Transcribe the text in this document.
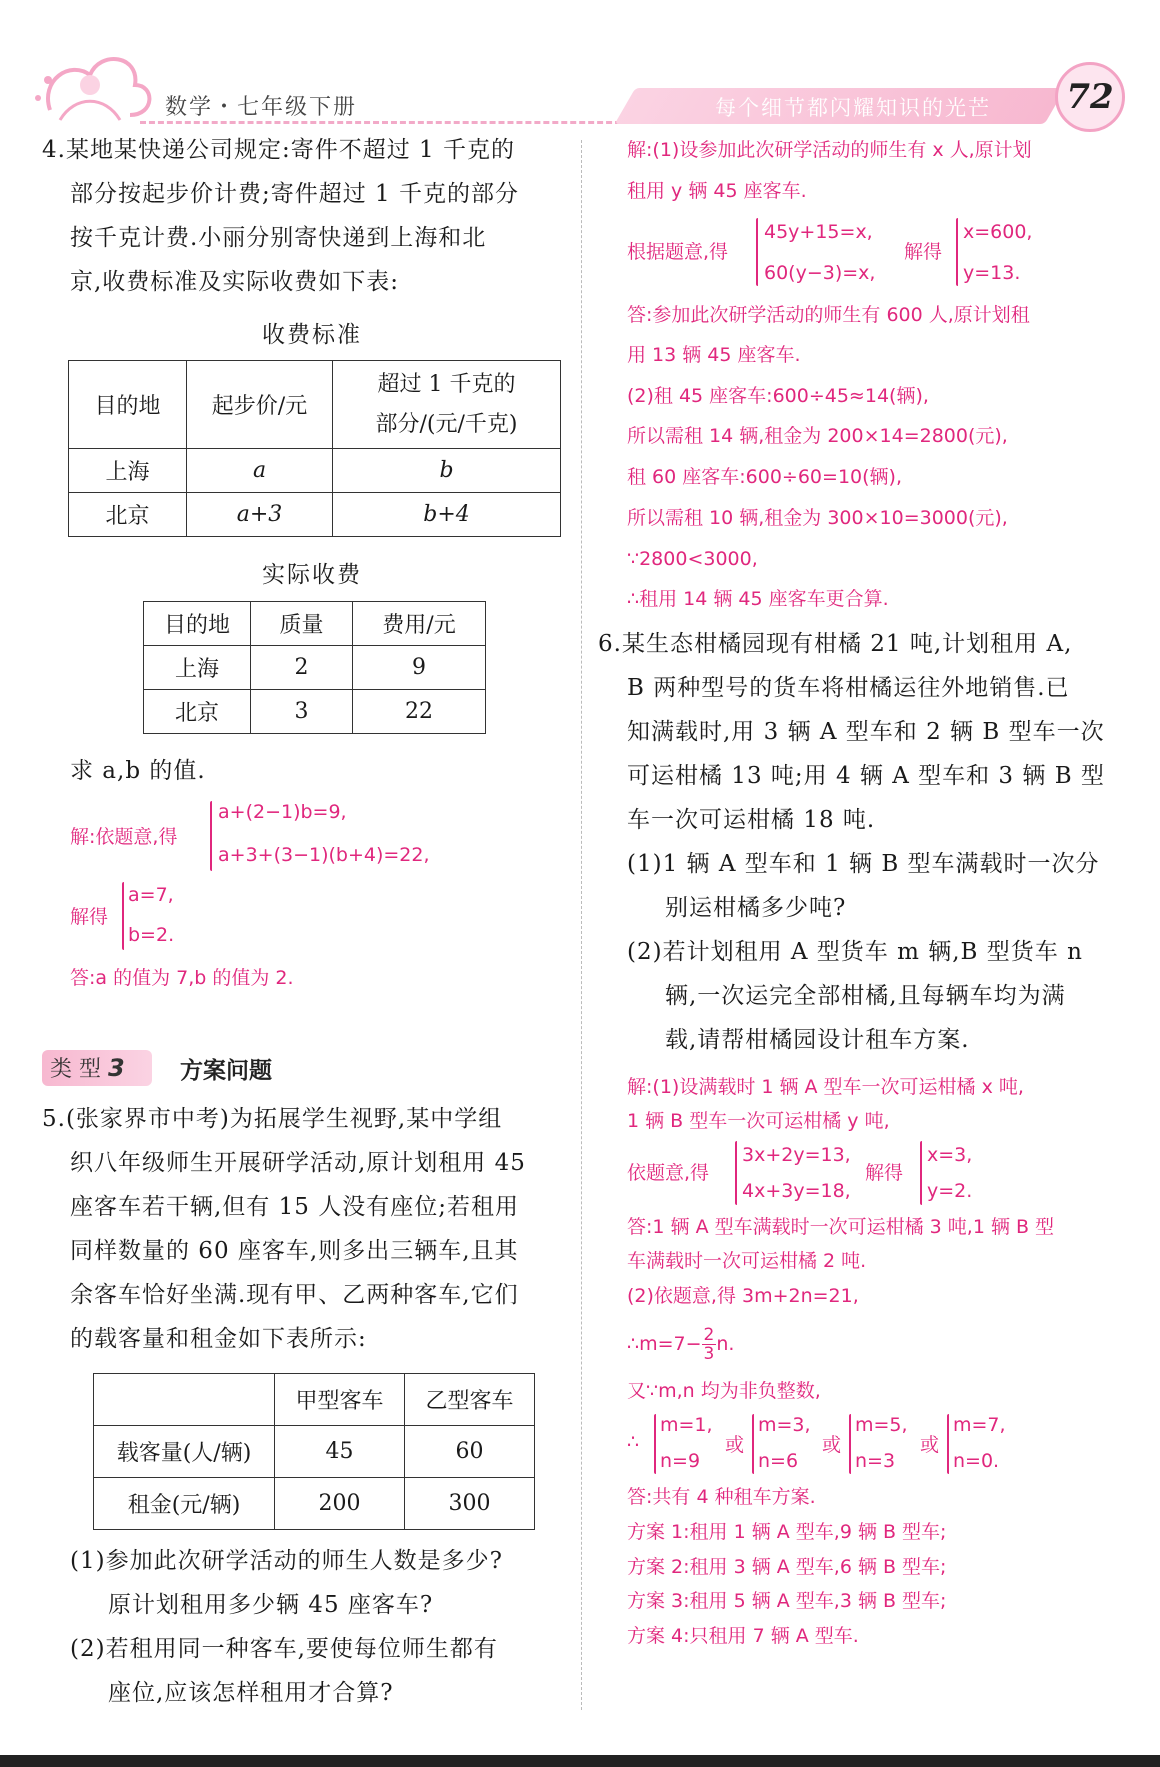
数学・七年级下册	每个细节都闪耀知识的光芒	72
4.某地某快递公司规定:寄件不超过 1 千克的
部分按起步价计费;寄件超过 1 千克的部分
按千克计费.小丽分别寄快递到上海和北
京,收费标准及实际收费如下表:
收费标准
目的地	起步价/元	超过 1 千克的
部分/(元/千克)

上海	a	b
北京	a+3	b+4
实际收费
目的地	质量	费用/元
上海	2	9
北京	3	22
求 a,b 的值.
解:依题意,得
a+(2−1)b=9,
a+3+(3−1)(b+4)=22,
解得
a=7,
b=2.
答:a 的值为 7,b 的值为 2.
类 型 3	方案问题
5.(张家界市中考)为拓展学生视野,某中学组
织八年级师生开展研学活动,原计划租用 45
座客车若干辆,但有 15 人没有座位;若租用
同样数量的 60 座客车,则多出三辆车,且其
余客车恰好坐满.现有甲、乙两种客车,它们
的载客量和租金如下表所示:
	甲型客车	乙型客车
载客量(人/辆)	45	60
租金(元/辆)	200	300
(1)参加此次研学活动的师生人数是多少?
原计划租用多少辆 45 座客车?
(2)若租用同一种客车,要使每位师生都有
座位,应该怎样租用才合算?
解:(1)设参加此次研学活动的师生有 x 人,原计划
租用 y 辆 45 座客车.
根据题意,得
45y+15=x,
60(y−3)=x,
解得
x=600,
y=13.
答:参加此次研学活动的师生有 600 人,原计划租
用 13 辆 45 座客车.
(2)租 45 座客车:600÷45≈14(辆),
所以需租 14 辆,租金为 200×14=2800(元),
租 60 座客车:600÷60=10(辆),
所以需租 10 辆,租金为 300×10=3000(元),
∵2800<3000,
∴租用 14 辆 45 座客车更合算.
6.某生态柑橘园现有柑橘 21 吨,计划租用 A,
B 两种型号的货车将柑橘运往外地销售.已
知满载时,用 3 辆 A 型车和 2 辆 B 型车一次
可运柑橘 13 吨;用 4 辆 A 型车和 3 辆 B 型
车一次可运柑橘 18 吨.
(1)1 辆 A 型车和 1 辆 B 型车满载时一次分
别运柑橘多少吨?
(2)若计划租用 A 型货车 m 辆,B 型货车 n
辆,一次运完全部柑橘,且每辆车均为满
载,请帮柑橘园设计租车方案.
解:(1)设满载时 1 辆 A 型车一次可运柑橘 x 吨,
1 辆 B 型车一次可运柑橘 y 吨,
依题意,得
3x+2y=13,
4x+3y=18,
解得
x=3,
y=2.
答:1 辆 A 型车满载时一次可运柑橘 3 吨,1 辆 B 型
车满载时一次可运柑橘 2 吨.
(2)依题意,得 3m+2n=21,
∴m=7− $\frac{2}{3} n$.
又∵m,n 均为非负整数,
∴
m=1,
n=9
或
m=3,
n=6
或
m=5,
n=3
或
m=7,
n=0.
答:共有 4 种租车方案.
方案 1:租用 1 辆 A 型车,9 辆 B 型车;
方案 2:租用 3 辆 A 型车,6 辆 B 型车;
方案 3:租用 5 辆 A 型车,3 辆 B 型车;
方案 4:只租用 7 辆 A 型车.
